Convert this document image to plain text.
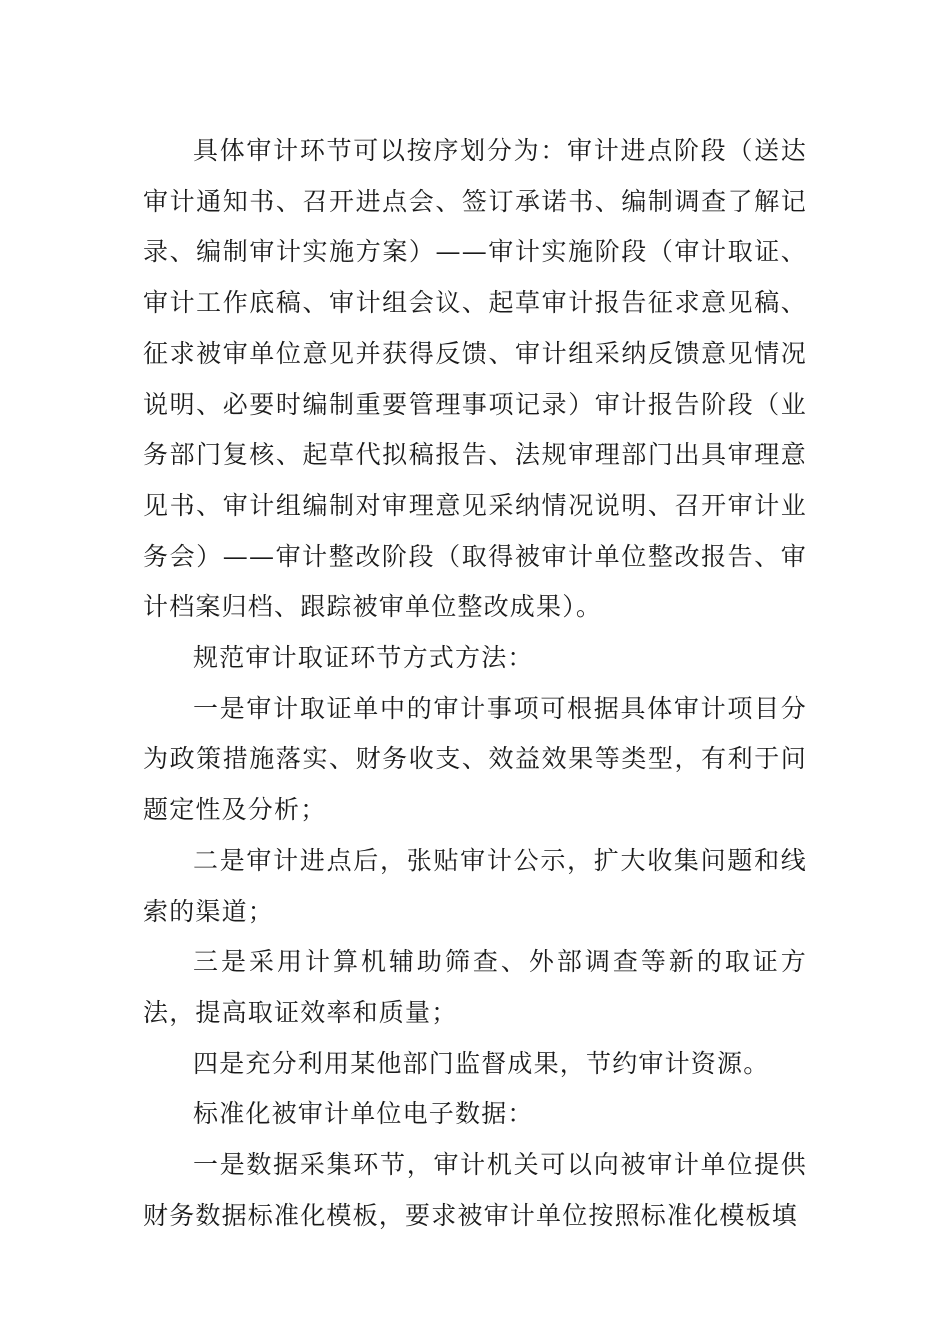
具体审计环节可以按序划分为：审计进点阶段（送达审计通知书、召开进点会、签订承诺书、编制调查了解记录、编制审计实施方案）——审计实施阶段（审计取证、审计工作底稿、审计组会议、起草审计报告征求意见稿、征求被审单位意见并获得反馈、审计组采纳反馈意见情况说明、必要时编制重要管理事项记录）审计报告阶段（业务部门复核、起草代拟稿报告、法规审理部门出具审理意见书、审计组编制对审理意见采纳情况说明、召开审计业务会）——审计整改阶段（取得被审计单位整改报告、审计档案归档、跟踪被审单位整改成果）。

规范审计取证环节方式方法：

一是审计取证单中的审计事项可根据具体审计项目分为政策措施落实、财务收支、效益效果等类型，有利于问题定性及分析；

二是审计进点后，张贴审计公示，扩大收集问题和线索的渠道；

三是采用计算机辅助筛查、外部调查等新的取证方法，提高取证效率和质量；

四是充分利用某他部门监督成果，节约审计资源。

标准化被审计单位电子数据：

一是数据采集环节，审计机关可以向被审计单位提供财务数据标准化模板，要求被审计单位按照标准化模板填
